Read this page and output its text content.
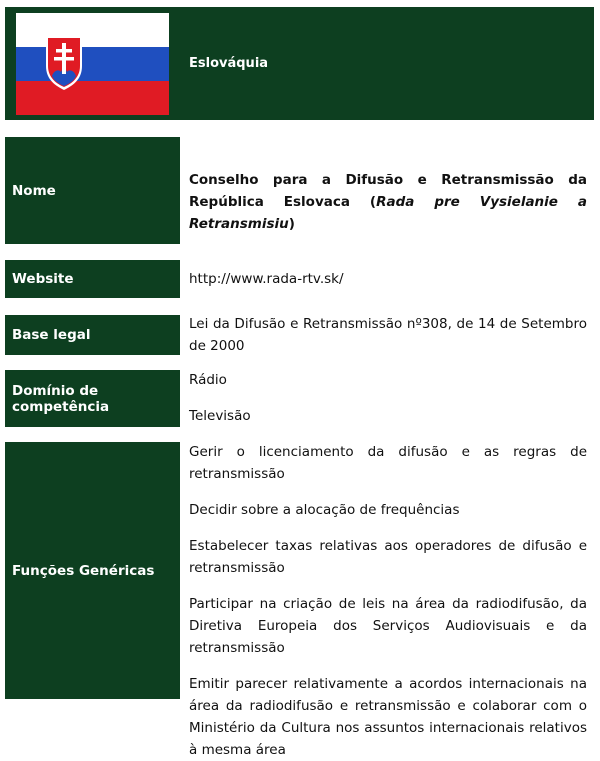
Eslováquia
Nome
Conselho para a Difusão e Retransmissão da República Eslovaca (Rada pre Vysielanie a Retransmisiu)
Website	http://www.rada-rtv.sk/
Base legal
Lei da Difusão e Retransmissão nº308, de 14 de Setembro de 2000
Domínio de competência

Rádio

Televisão

Funções Genéricas

Gerir o licenciamento da difusão e as regras de retransmissão

Decidir sobre a alocação de frequências

Estabelecer taxas relativas aos operadores de difusão e retransmissão

Participar na criação de leis na área da radiodifusão, da Diretiva Europeia dos Serviços Audiovisuais e da retransmissão

Emitir parecer relativamente a acordos internacionais na área da radiodifusão e retransmissão e colaborar com o Ministério da Cultura nos assuntos internacionais relativos à mesma área
